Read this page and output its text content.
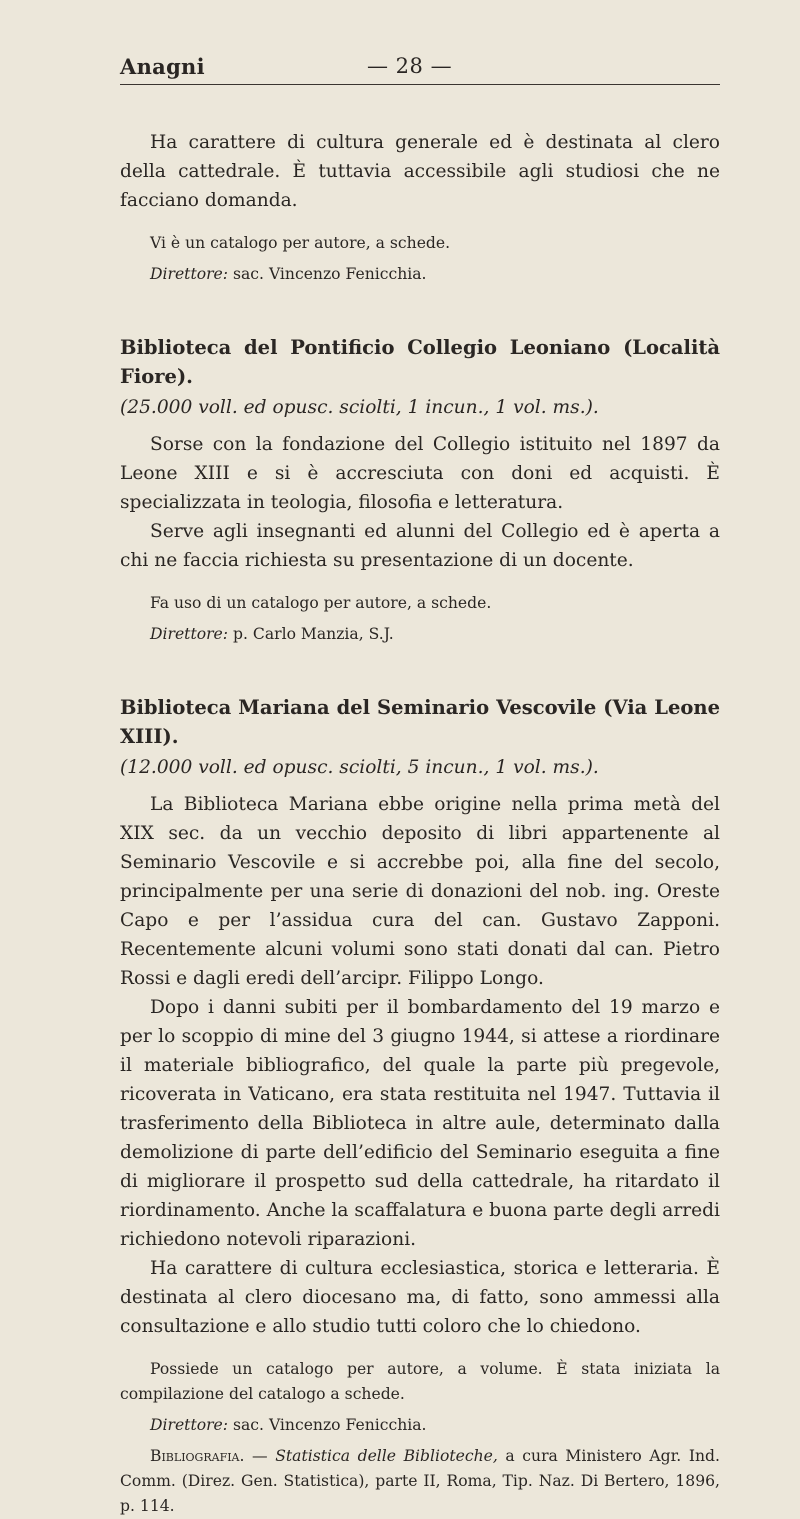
Anagni	— 28 —

Ha carattere di cultura generale ed è destinata al clero della cattedrale. È tuttavia accessibile agli studiosi che ne facciano domanda.

Vi è un catalogo per autore, a schede.

Direttore: sac. Vincenzo Fenicchia.

Biblioteca del Pontificio Collegio Leoniano (Località Fiore).
(25.000 voll. ed opusc. sciolti, 1 incun., 1 vol. ms.).

Sorse con la fondazione del Collegio istituito nel 1897 da Leone XIII e si è accresciuta con doni ed acquisti. È specializzata in teologia, filosofia e letteratura.

Serve agli insegnanti ed alunni del Collegio ed è aperta a chi ne faccia richiesta su presentazione di un docente.

Fa uso di un catalogo per autore, a schede.

Direttore: p. Carlo Manzia, S.J.

Biblioteca Mariana del Seminario Vescovile (Via Leone XIII).
(12.000 voll. ed opusc. sciolti, 5 incun., 1 vol. ms.).

La Biblioteca Mariana ebbe origine nella prima metà del XIX sec. da un vecchio deposito di libri appartenente al Seminario Vescovile e si accrebbe poi, alla fine del secolo, principalmente per una serie di donazioni del nob. ing. Oreste Capo e per l’assidua cura del can. Gustavo Zapponi. Recentemente alcuni volumi sono stati donati dal can. Pietro Rossi e dagli eredi dell’arcipr. Filippo Longo.

Dopo i danni subiti per il bombardamento del 19 marzo e per lo scoppio di mine del 3 giugno 1944, si attese a riordinare il materiale bibliografico, del quale la parte più pregevole, ricoverata in Vaticano, era stata restituita nel 1947. Tuttavia il trasferimento della Biblioteca in altre aule, determinato dalla demolizione di parte dell’edificio del Seminario eseguita a fine di migliorare il prospetto sud della cattedrale, ha ritardato il riordinamento. Anche la scaffalatura e buona parte degli arredi richiedono notevoli riparazioni.

Ha carattere di cultura ecclesiastica, storica e letteraria. È destinata al clero diocesano ma, di fatto, sono ammessi alla consultazione e allo studio tutti coloro che lo chiedono.

Possiede un catalogo per autore, a volume. È stata iniziata la compilazione del catalogo a schede.

Direttore: sac. Vincenzo Fenicchia.

Bibliografia. — Statistica delle Biblioteche, a cura Ministero Agr. Ind. Comm. (Direz. Gen. Statistica), parte II, Roma, Tip. Naz. Di Bertero, 1896, p. 114.
